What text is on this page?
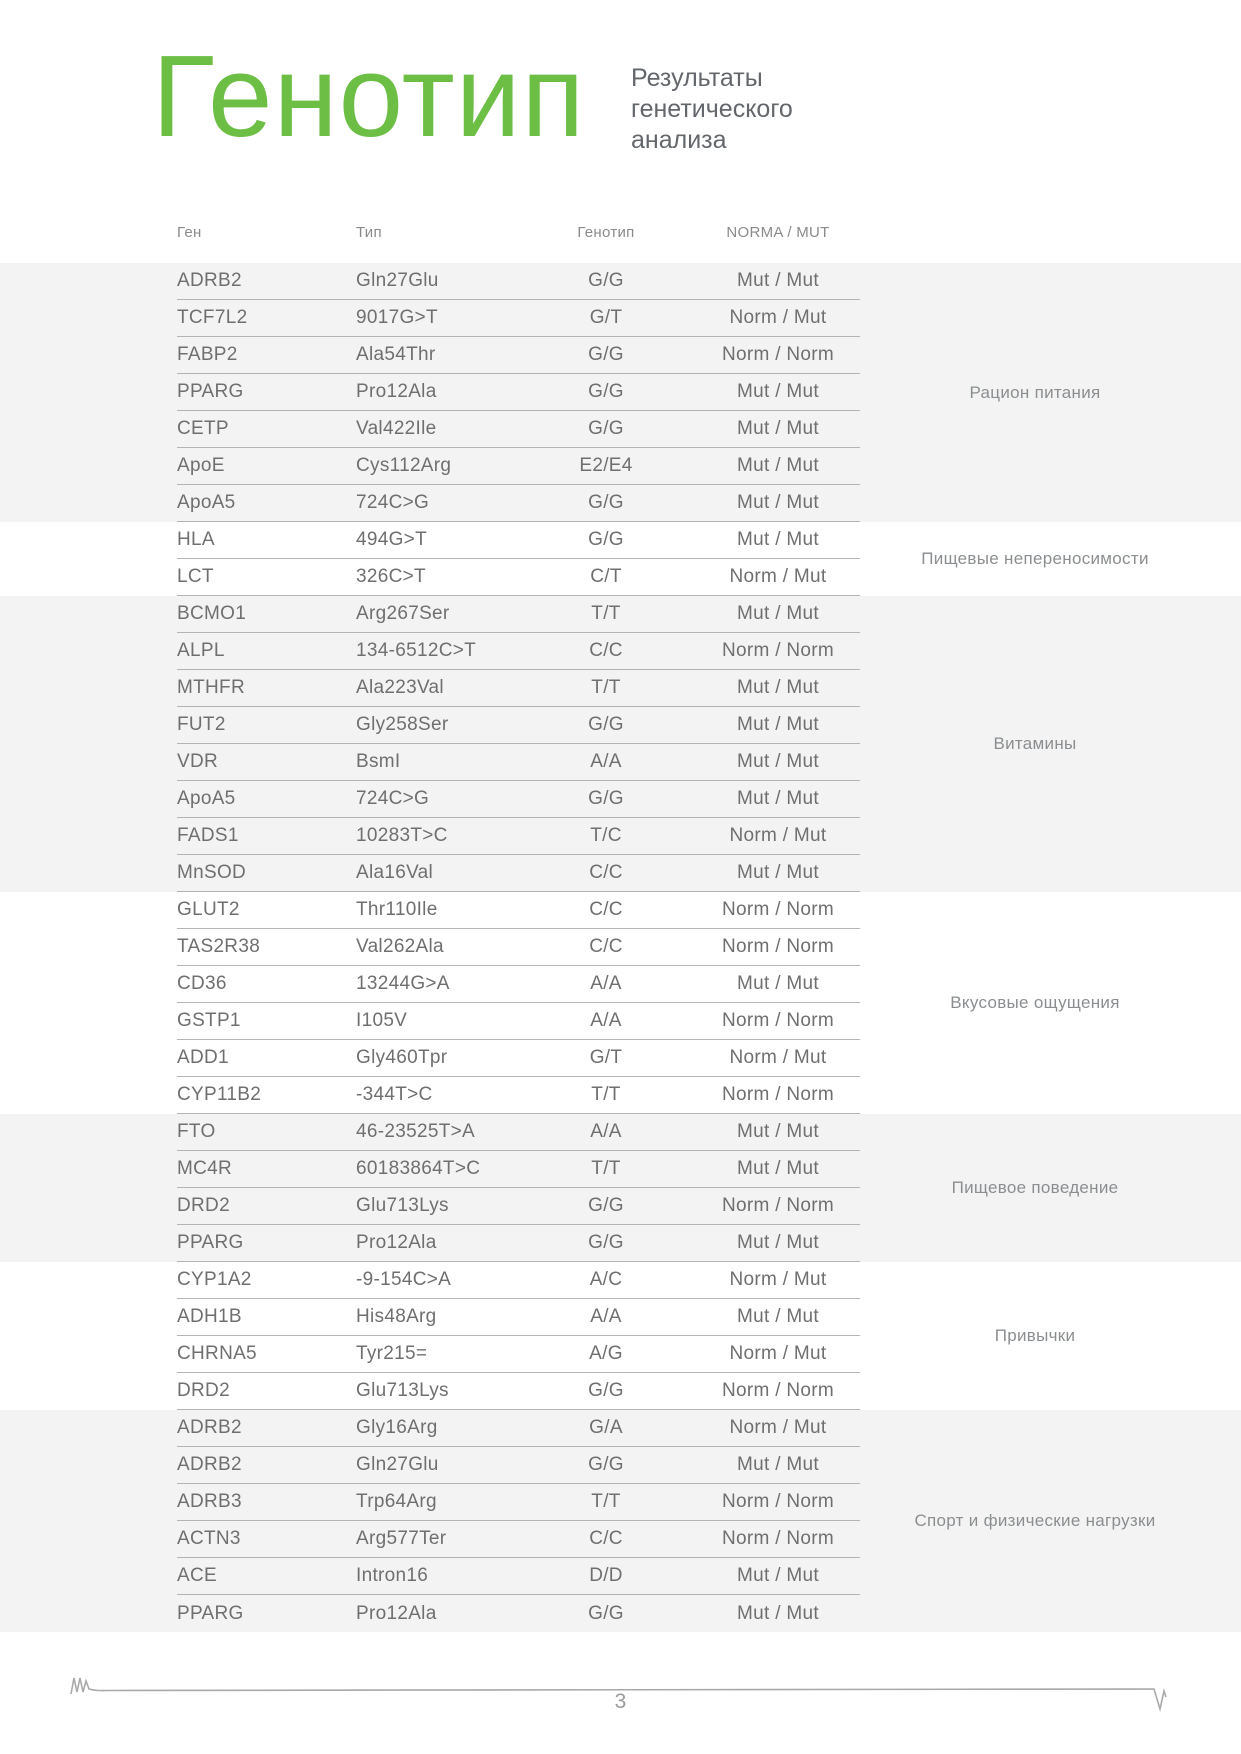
Генотип Результаты
генетического
анализа
Ген	Тип	Генотип	NORMA / MUT
ADRB2	Gln27Glu	G/G	Mut / Mut
TCF7L2	9017G>T	G/T	Norm / Mut
FABP2	Ala54Thr	G/G	Norm / Norm
PPARG	Pro12Ala	G/G	Mut / Mut
CETP	Val422Ile	G/G	Mut / Mut
ApoE	Cys112Arg	E2/E4	Mut / Mut
ApoA5	724C>G	G/G	Mut / Mut
Рацион питания
HLA	494G>T	G/G	Mut / Mut
LCT	326C>T	C/T	Norm / Mut
Пищевые непереносимости
BCMO1	Arg267Ser	T/T	Mut / Mut
ALPL	134-6512C>T	C/C	Norm / Norm
MTHFR	Ala223Val	T/T	Mut / Mut
FUT2	Gly258Ser	G/G	Mut / Mut
VDR	BsmI	A/A	Mut / Mut
ApoA5	724C>G	G/G	Mut / Mut
FADS1	10283T>C	T/C	Norm / Mut
MnSOD	Ala16Val	C/C	Mut / Mut
Витамины
GLUT2	Thr110Ile	C/C	Norm / Norm
TAS2R38	Val262Ala	C/C	Norm / Norm
CD36	13244G>A	A/A	Mut / Mut
GSTP1	I105V	A/A	Norm / Norm
ADD1	Gly460Tpr	G/T	Norm / Mut
CYP11B2	-344T>C	T/T	Norm / Norm
Вкусовые ощущения
FTO	46-23525T>A	A/A	Mut / Mut
MC4R	60183864T>C	T/T	Mut / Mut
DRD2	Glu713Lys	G/G	Norm / Norm
PPARG	Pro12Ala	G/G	Mut / Mut
Пищевое поведение
CYP1A2	-9-154C>A	A/C	Norm / Mut
ADH1B	His48Arg	A/A	Mut / Mut
CHRNA5	Tyr215=	A/G	Norm / Mut
DRD2	Glu713Lys	G/G	Norm / Norm
Привычки
ADRB2	Gly16Arg	G/A	Norm / Mut
ADRB2	Gln27Glu	G/G	Mut / Mut
ADRB3	Trp64Arg	T/T	Norm / Norm
ACTN3	Arg577Ter	C/C	Norm / Norm
ACE	Intron16	D/D	Mut / Mut
PPARG	Pro12Ala	G/G	Mut / Mut
Спорт и физические нагрузки
3
